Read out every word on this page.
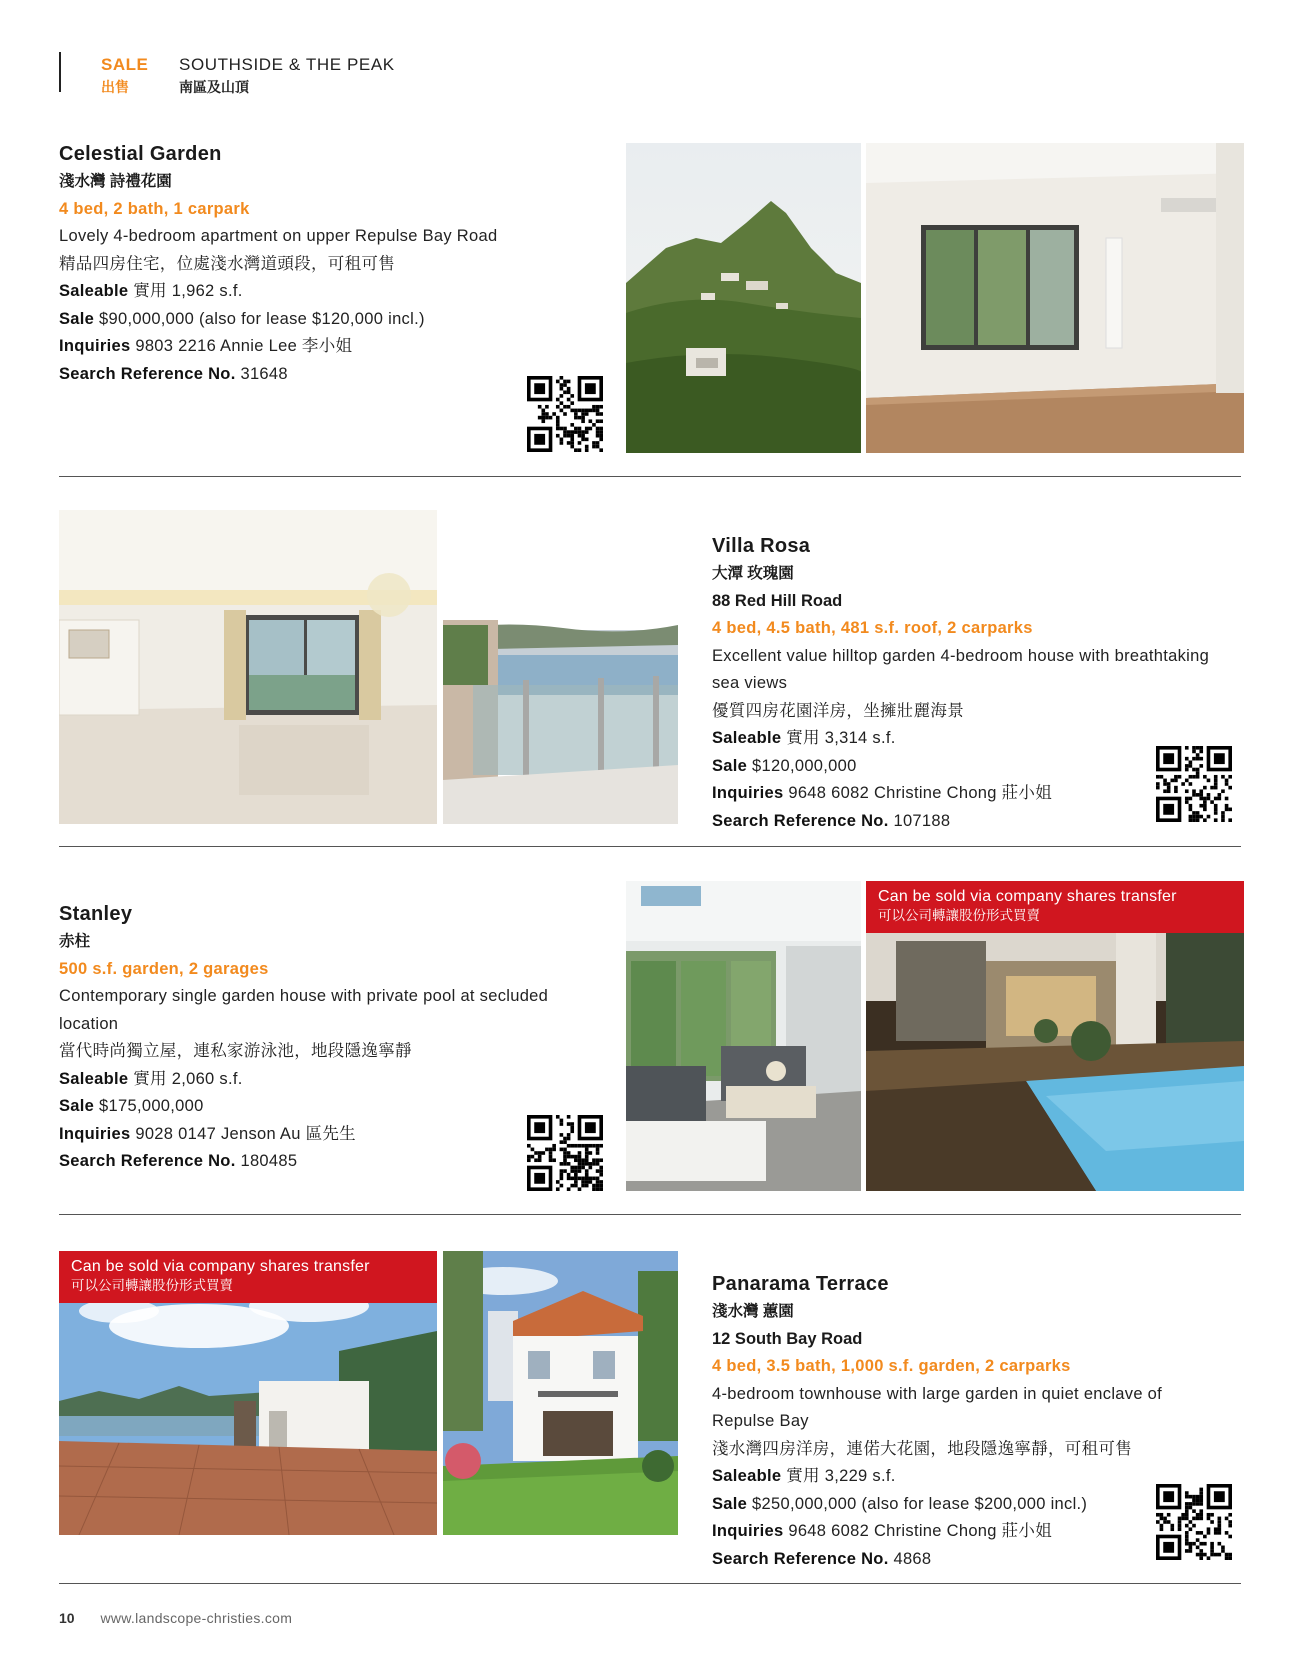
SALE
出售
SOUTHSIDE & THE PEAK
南區及山頂
Celestial Garden
淺水灣 詩禮花園
4 bed, 2 bath, 1 carpark
Lovely 4-bedroom apartment on upper Repulse Bay Road
精品四房住宅，位處淺水灣道頭段，可租可售
Saleable 實用 1,962 s.f.
Sale $90,000,000 (also for lease $120,000 incl.)
Inquiries 9803 2216 Annie Lee 李小姐
Search Reference No. 31648
Villa Rosa
大潭 玫瑰園
88 Red Hill Road
4 bed, 4.5 bath, 481 s.f. roof, 2 carparks
Excellent value hilltop garden 4-bedroom house with breathtaking
sea views
優質四房花園洋房，坐擁壯麗海景
Saleable 實用 3,314 s.f.
Sale $120,000,000
Inquiries 9648 6082 Christine Chong 莊小姐
Search Reference No. 107188
Stanley
赤柱
500 s.f. garden, 2 garages
Contemporary single garden house with private pool at secluded
location
當代時尚獨立屋，連私家游泳池，地段隱逸寧靜
Saleable 實用 2,060 s.f.
Sale $175,000,000
Inquiries 9028 0147 Jenson Au 區先生
Search Reference No. 180485
Can be sold via company shares transfer
可以公司轉讓股份形式買賣
Can be sold via company shares transfer
可以公司轉讓股份形式買賣	Panarama Terrace
淺水灣 蕙園
12 South Bay Road
4 bed, 3.5 bath, 1,000 s.f. garden, 2 carparks
4-bedroom townhouse with large garden in quiet enclave of
Repulse Bay
淺水灣四房洋房，連偌大花園，地段隱逸寧靜，可租可售
Saleable 實用 3,229 s.f.
Sale $250,000,000 (also for lease $200,000 incl.)
Inquiries 9648 6082 Christine Chong 莊小姐
Search Reference No. 4868
10 www.landscope-christies.com
